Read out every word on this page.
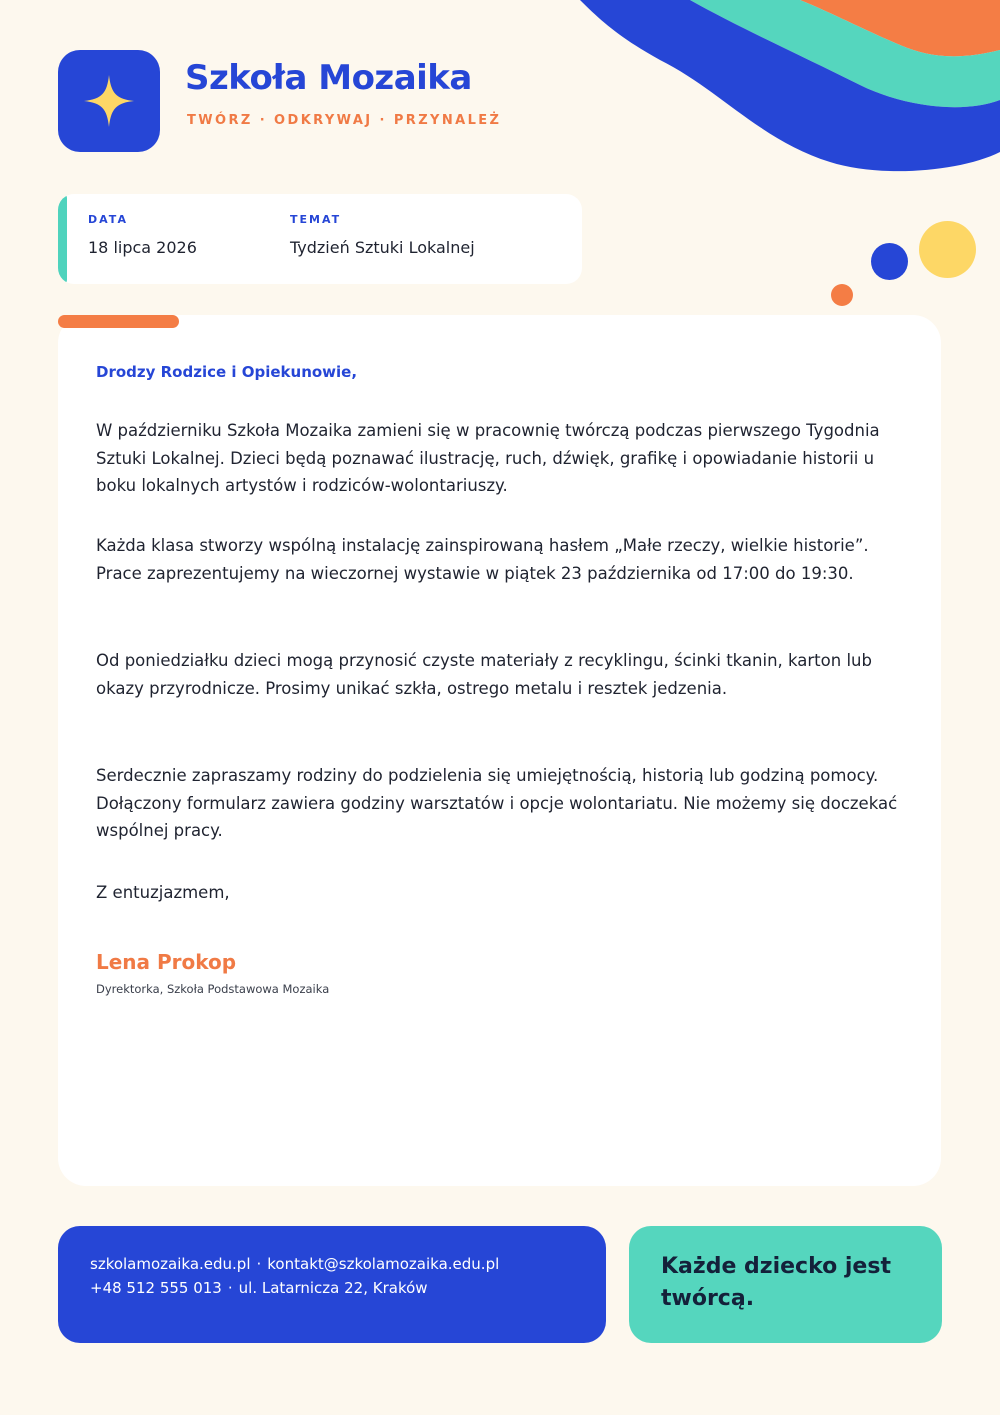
Szkoła Mozaika
TWÓRZ · ODKRYWAJ · PRZYNALEŻ
DATA
18 lipca 2026
TEMAT
Tydzień Sztuki Lokalnej
Drodzy Rodzice i Opiekunowie,

W październiku Szkoła Mozaika zamieni się w pracownię twórczą podczas pierwszego Tygodnia Sztuki Lokalnej. Dzieci będą poznawać ilustrację, ruch, dźwięk, grafikę i opowiadanie historii u boku lokalnych artystów i rodziców-wolontariuszy.

Każda klasa stworzy wspólną instalację zainspirowaną hasłem „Małe rzeczy, wielkie historie”. Prace zaprezentujemy na wieczornej wystawie w piątek 23 października od 17:00 do 19:30.

Od poniedziałku dzieci mogą przynosić czyste materiały z recyklingu, ścinki tkanin, karton lub okazy przyrodnicze. Prosimy unikać szkła, ostrego metalu i resztek jedzenia.

Serdecznie zapraszamy rodziny do podzielenia się umiejętnością, historią lub godziną pomocy. Dołączony formularz zawiera godziny warsztatów i opcje wolontariatu. Nie możemy się doczekać wspólnej pracy.

Z entuzjazmem,
Lena Prokop
Dyrektorka, Szkoła Podstawowa Mozaika
szkolamozaika.edu.pl · kontakt@szkolamozaika.edu.pl
+48 512 555 013 · ul. Latarnicza 22, Kraków
Każde dziecko jest twórcą.
